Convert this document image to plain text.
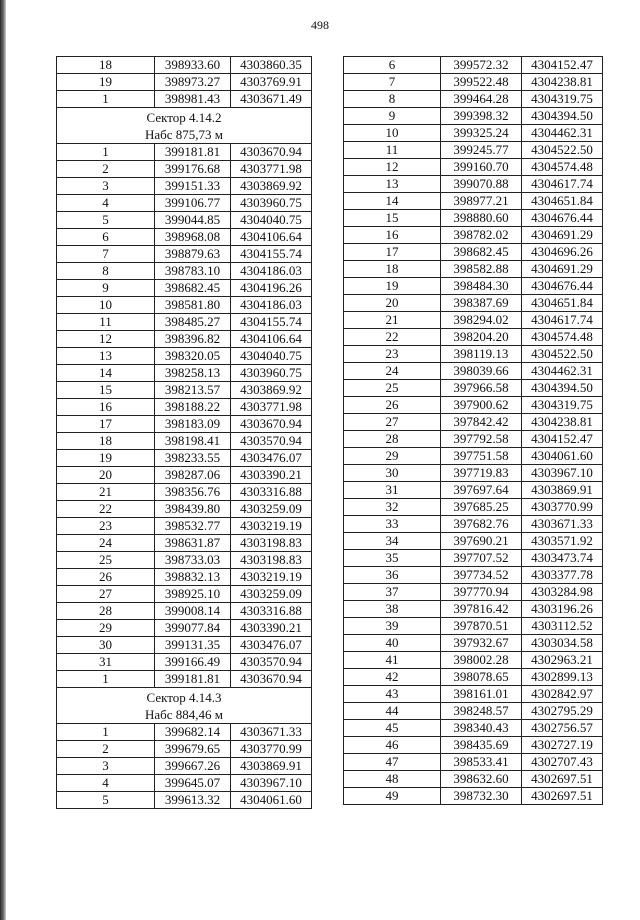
498
18	398933.60	4303860.35
19	398973.27	4303769.91
1	398981.43	4303671.49

Сектор 4.14.2
Набс 875,73 м		

1	399181.81	4303670.94
2	399176.68	4303771.98
3	399151.33	4303869.92
4	399106.77	4303960.75
5	399044.85	4304040.75
6	398968.08	4304106.64
7	398879.63	4304155.74
8	398783.10	4304186.03
9	398682.45	4304196.26
10	398581.80	4304186.03
11	398485.27	4304155.74
12	398396.82	4304106.64
13	398320.05	4304040.75
14	398258.13	4303960.75
15	398213.57	4303869.92
16	398188.22	4303771.98
17	398183.09	4303670.94
18	398198.41	4303570.94
19	398233.55	4303476.07
20	398287.06	4303390.21
21	398356.76	4303316.88
22	398439.80	4303259.09
23	398532.77	4303219.19
24	398631.87	4303198.83
25	398733.03	4303198.83
26	398832.13	4303219.19
27	398925.10	4303259.09
28	399008.14	4303316.88
29	399077.84	4303390.21
30	399131.35	4303476.07
31	399166.49	4303570.94
1	399181.81	4303670.94

Сектор 4.14.3
Набс 884,46 м		

1	399682.14	4303671.33
2	399679.65	4303770.99
3	399667.26	4303869.91
4	399645.07	4303967.10
5	399613.32	4304061.60
6	399572.32	4304152.47
7	399522.48	4304238.81
8	399464.28	4304319.75
9	399398.32	4304394.50
10	399325.24	4304462.31
11	399245.77	4304522.50
12	399160.70	4304574.48
13	399070.88	4304617.74
14	398977.21	4304651.84
15	398880.60	4304676.44
16	398782.02	4304691.29
17	398682.45	4304696.26
18	398582.88	4304691.29
19	398484.30	4304676.44
20	398387.69	4304651.84
21	398294.02	4304617.74
22	398204.20	4304574.48
23	398119.13	4304522.50
24	398039.66	4304462.31
25	397966.58	4304394.50
26	397900.62	4304319.75
27	397842.42	4304238.81
28	397792.58	4304152.47
29	397751.58	4304061.60
30	397719.83	4303967.10
31	397697.64	4303869.91
32	397685.25	4303770.99
33	397682.76	4303671.33
34	397690.21	4303571.92
35	397707.52	4303473.74
36	397734.52	4303377.78
37	397770.94	4303284.98
38	397816.42	4303196.26
39	397870.51	4303112.52
40	397932.67	4303034.58
41	398002.28	4302963.21
42	398078.65	4302899.13
43	398161.01	4302842.97
44	398248.57	4302795.29
45	398340.43	4302756.57
46	398435.69	4302727.19
47	398533.41	4302707.43
48	398632.60	4302697.51
49	398732.30	4302697.51
